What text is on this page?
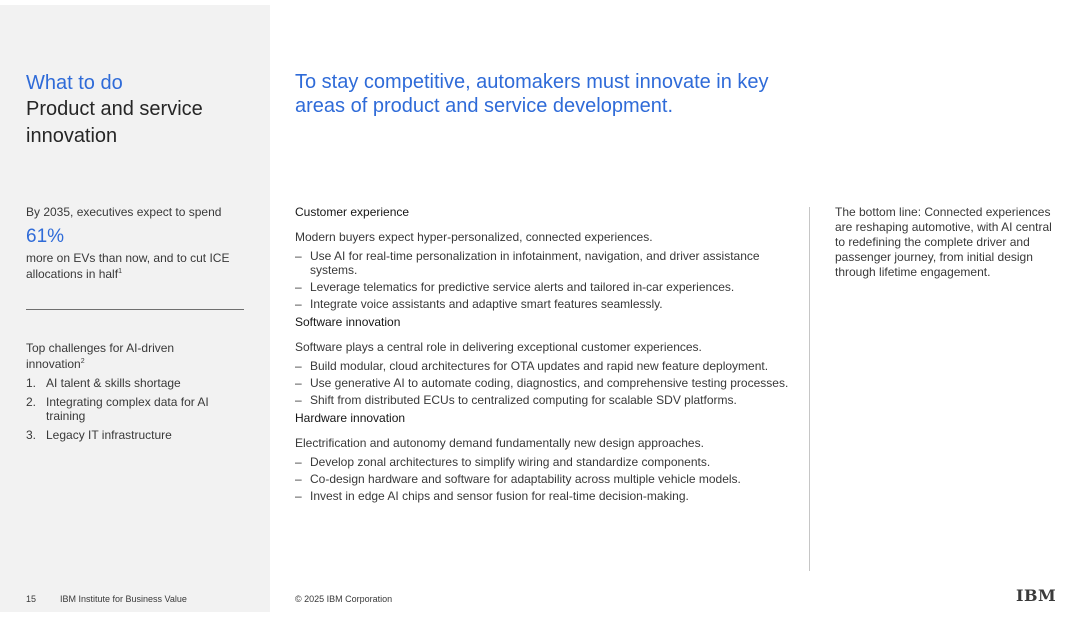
What to do
Product and service innovation
By 2035, executives expect to spend
61%
more on EVs than now, and to cut ICE allocations in half$^1$
Top challenges for AI-driven innovation$^2$
1. AI talent & skills shortage
2. Integrating complex data for AI training
3. Legacy IT infrastructure
15	IBM Institute for Business Value
To stay competitive, automakers must innovate in key areas of product and service development.
Customer experience
Modern buyers expect hyper-personalized, connected experiences.
– Use AI for real-time personalization in infotainment, navigation, and driver assistance systems.
– Leverage telematics for predictive service alerts and tailored in-car experiences.
– Integrate voice assistants and adaptive smart features seamlessly.
Software innovation
Software plays a central role in delivering exceptional customer experiences.
– Build modular, cloud architectures for OTA updates and rapid new feature deployment.
– Use generative AI to automate coding, diagnostics, and comprehensive testing processes.
– Shift from distributed ECUs to centralized computing for scalable SDV platforms.
Hardware innovation
Electrification and autonomy demand fundamentally new design approaches.
– Develop zonal architectures to simplify wiring and standardize components.
– Co-design hardware and software for adaptability across multiple vehicle models.
– Invest in edge AI chips and sensor fusion for real-time decision-making.
The bottom line: Connected experiences are reshaping automotive, with AI central to redefining the complete driver and passenger journey, from initial design through lifetime engagement.
© 2025 IBM Corporation	IBM
